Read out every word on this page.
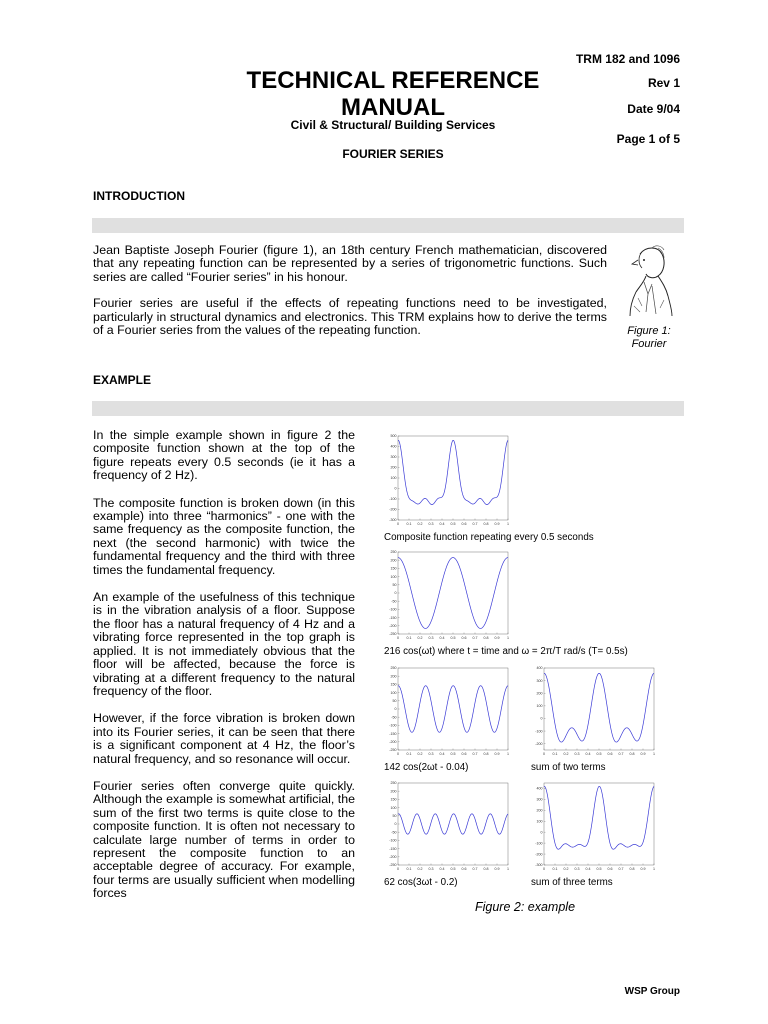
TRM 182 and 1096
TECHNICAL REFERENCE
MANUAL
Rev 1
Date 9/04
Page 1 of 5
Civil & Structural/ Building Services
FOURIER SERIES
INTRODUCTION

Jean Baptiste Joseph Fourier (figure 1), an 18th century French mathematician, discovered that any repeating function can be represented by a series of trigonometric functions. Such series are called “Fourier series” in his honour.

Fourier series are useful if the effects of repeating functions need to be investigated, particularly in structural dynamics and electronics. This TRM explains how to derive the terms of a Fourier series from the values of the repeating function.	Figure 1:
Fourier
EXAMPLE

In the simple example shown in figure 2 the composite function shown at the top of the figure repeats every 0.5 seconds (ie it has a frequency of 2 Hz).

The composite function is broken down (in this example) into three “harmonics” - one with the same frequency as the composite function, the next (the second harmonic) with twice the fundamental frequency and the third with three times the fundamental frequency.

An example of the usefulness of this technique is in the vibration analysis of a floor. Suppose the floor has a natural frequency of 4 Hz and a vibrating force represented in the top graph is applied. It is not immediately obvious that the floor will be affected, because the force is vibrating at a different frequency to the natural frequency of the floor.

However, if the force vibration is broken down into its Fourier series, it can be seen that there is a significant component at 4 Hz, the floor’s natural frequency, and so resonance will occur.

Fourier series often converge quite quickly. Although the example is somewhat artificial, the sum of the first two terms is quite close to the composite function. It is often not necessary to calculate large number of terms in order to represent the composite function to an acceptable degree of accuracy. For example, four terms are usually sufficient when modelling forces

0 0.1 0.2 0.3 0.4 0.5 0.6 0.7 0.8 0.9 1
-300
-200
-100
0
100
200
300
400
500
Composite function repeating every 0.5 seconds
0 0.1 0.2 0.3 0.4 0.5 0.6 0.7 0.8 0.9 1
-250
-200
-150
-100
-50
0
50
100
150
200
250
216 cos(ωt) where t = time and ω = 2π/T rad/s (T= 0.5s)
0 0.1 0.2 0.3 0.4 0.5 0.6 0.7 0.8 0.9 1
-250
-200
-150
-100
-50
0
50
100
150
200
250
142 cos(2ωt - 0.04)
0 0.1 0.2 0.3 0.4 0.5 0.6 0.7 0.8 0.9 1
-200
-100
0
100
200
300
400
sum of two terms
0 0.1 0.2 0.3 0.4 0.5 0.6 0.7 0.8 0.9 1
-250
-200
-150
-100
-50
0
50
100
150
200
250
62 cos(3ωt - 0.2)
0 0.1 0.2 0.3 0.4 0.5 0.6 0.7 0.8 0.9 1
-300
-200
-100
0
100
200
300
400
sum of three terms
Figure 2: example
WSP Group
